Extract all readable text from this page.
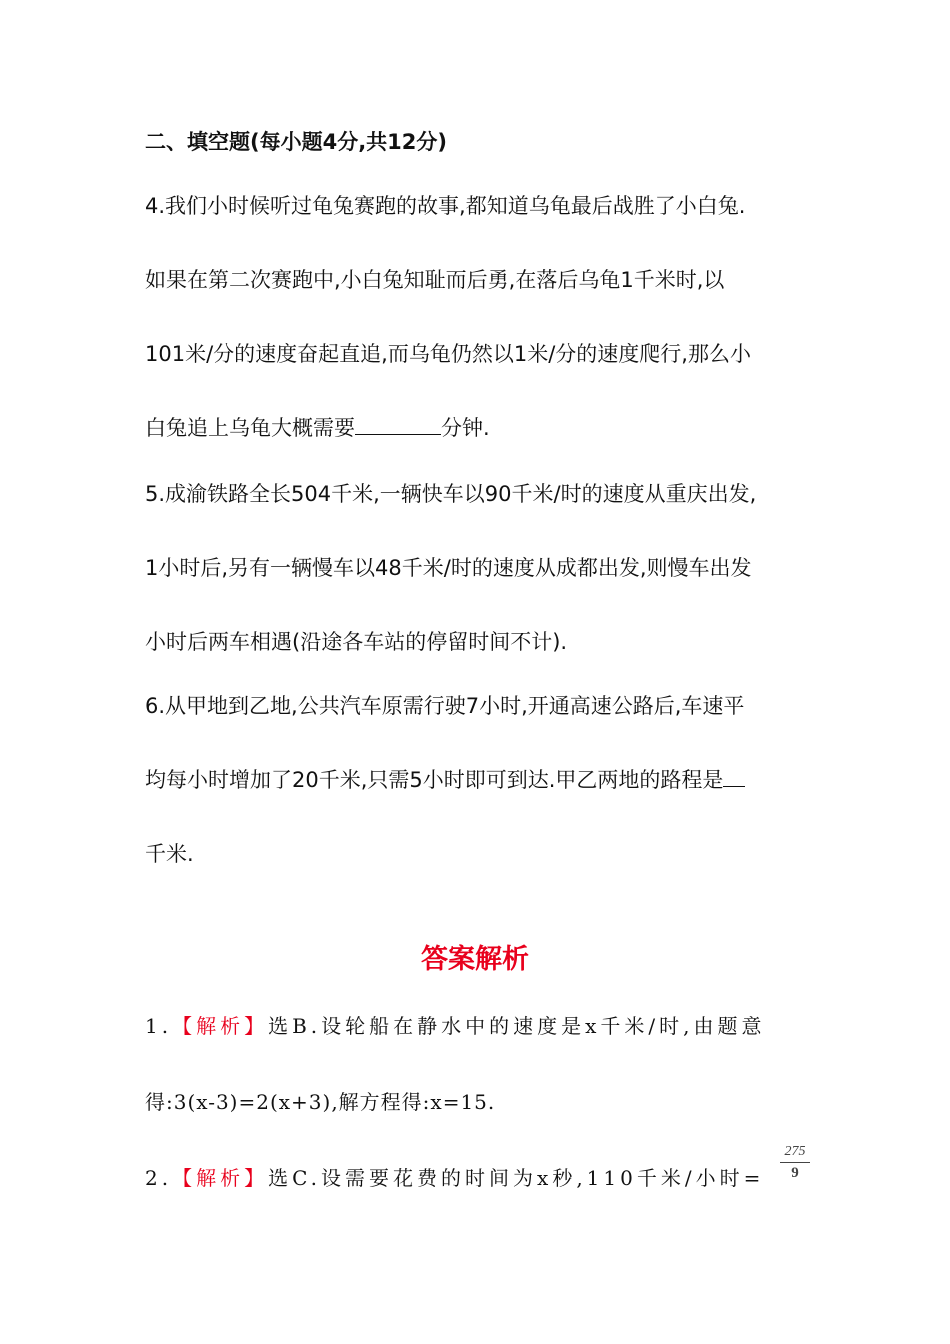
二、填空题(每小题4分,共12分)
4.我们小时候听过龟兔赛跑的故事,都知道乌龟最后战胜了小白兔.
如果在第二次赛跑中,小白兔知耻而后勇,在落后乌龟1千米时,以
101米/分的速度奋起直追,而乌龟仍然以1米/分的速度爬行,那么小
白兔追上乌龟大概需要	分钟.
5.成渝铁路全长504千米,一辆快车以90千米/时的速度从重庆出发,
1小时后,另有一辆慢车以48千米/时的速度从成都出发,则慢车出发
小时后两车相遇(沿途各车站的停留时间不计).
6.从甲地到乙地,公共汽车原需行驶7小时,开通高速公路后,车速平
均每小时增加了20千米,只需5小时即可到达.甲乙两地的路程是
千米.
答案解析
1.【解析】选B.设轮船在静水中的速度是x千米/时,由题意
得:3(x-3)=2(x+3),解方程得:x=15.
2.【解析】选C.设需要花费的时间为x秒,110千米/小时=
275
9
